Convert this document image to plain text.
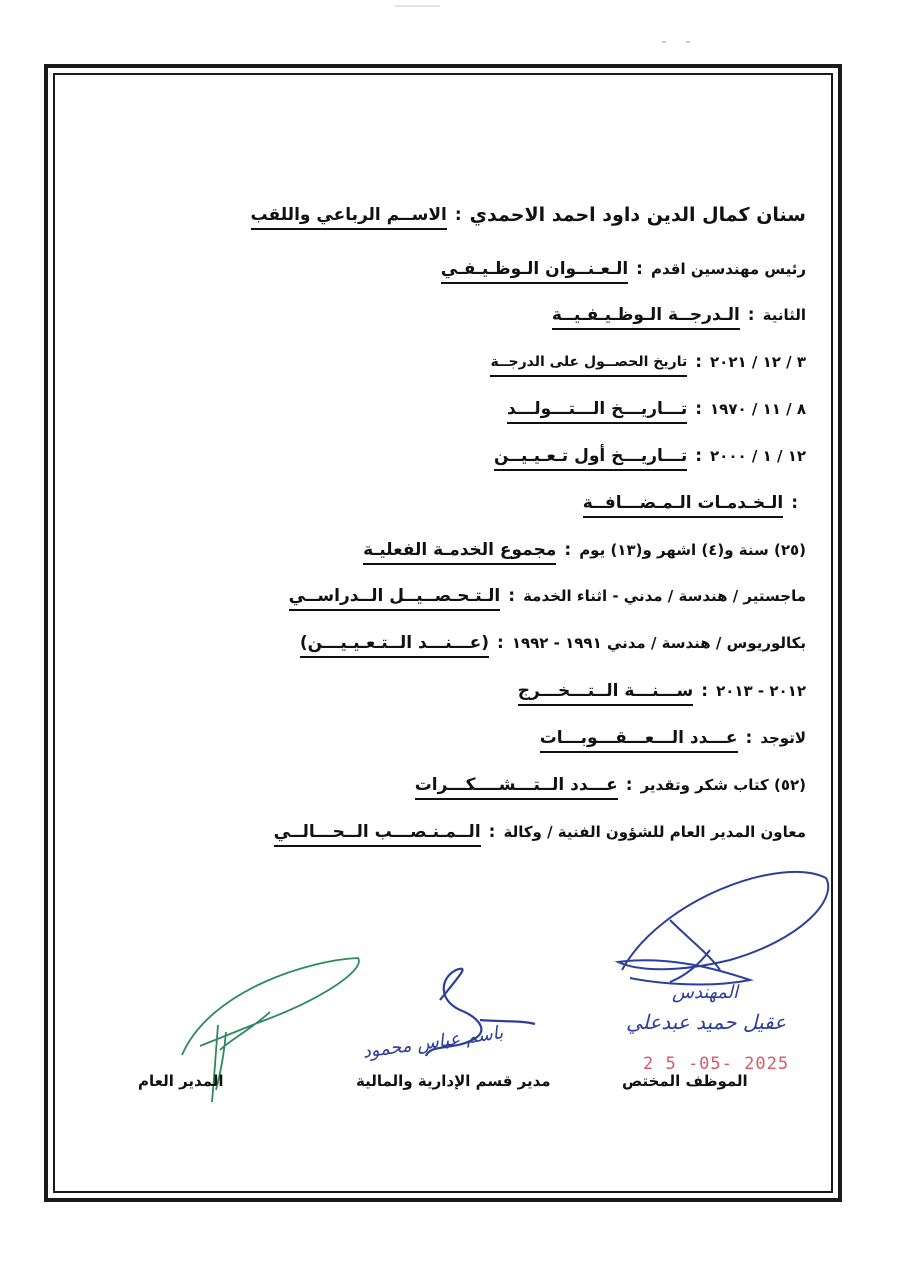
الاســم الرباعي واللقب : سنان كمال الدين داود احمد الاحمدي
الـعـنــوان الـوظـيـفـي : رئيس مهندسين اقدم
الـدرجــة الـوظـيـفـيــة : الثانية
تاريخ الحصــول على الدرجــة : ٣ / ١٢ / ٢٠٢١
تـــاريـــخ الـــتـــولـــد : ٨ / ١١ / ١٩٧٠
تـــاريـــخ أول تـعـيـيــن : ١٢ / ١ / ٢٠٠٠
الـخـدمـات الـمـضـــافــة :
مجموع الخدمـة الفعليـة : (٢٥) سنة و(٤) اشهر و(١٣) يوم
الـتـحـصــيــل الــدراســي : ماجستير / هندسة / مدني - اثناء الخدمة
(عـــنـــد الــتـعـيـيـــن) : بكالوريوس / هندسة / مدني ١٩٩١ - ١٩٩٢
ســـنـــة الــتـــخـــرج : ٢٠١٢ - ٢٠١٣
عـــدد الـــعـــقـــوبـــات : لاتوجد
عـــدد الــتـــشــــكـــرات : (٥٢) كتاب شكر وتقدير
الــمـنـصـــب الــحـــالــي : معاون المدير العام للشؤون الفنية / وكالة
المهندس
عقيل حميد عبدعلي
2 5 -05- 2025
باسم عباس محمود
المدير العام	مدير قسم الإدارية والمالية	الموظف المختص
